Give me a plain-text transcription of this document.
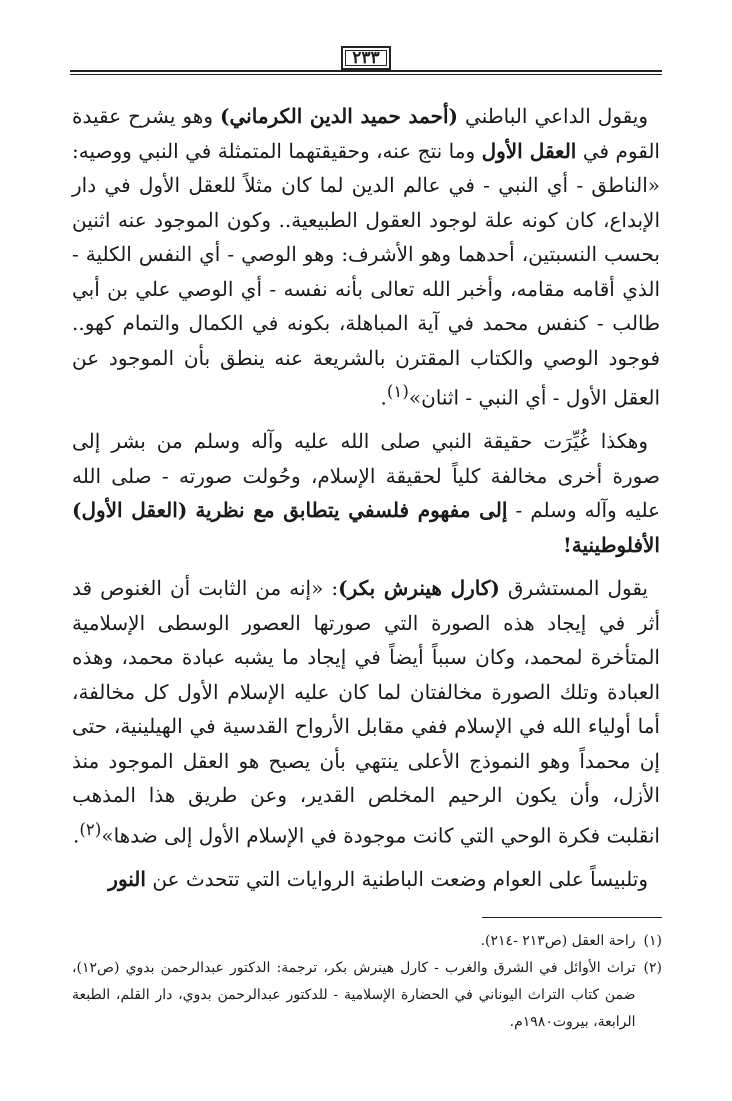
٢٣٣

ويقول الداعي الباطني (أحمد حميد الدين الكرماني) وهو يشرح عقيدة القوم في العقل الأول وما نتج عنه، وحقيقتهما المتمثلة في النبي ووصيه: «الناطق - أي النبي - في عالم الدين لما كان مثلاً للعقل الأول في دار الإبداع، كان كونه علة لوجود العقول الطبيعية.. وكون الموجود عنه اثنين بحسب النسبتين، أحدهما وهو الأشرف: وهو الوصي - أي النفس الكلية - الذي أقامه مقامه، وأخبر الله تعالى بأنه نفسه - أي الوصي علي بن أبي طالب - كنفس محمد في آية المباهلة، بكونه في الكمال والتمام كهو.. فوجود الوصي والكتاب المقترن بالشريعة عنه ينطق بأن الموجود عن العقل الأول - أي النبي - اثنان»$^{(١)}$.

وهكذا غُيِّرَت حقيقة النبي صلى الله عليه وآله وسلم من بشر إلى صورة أخرى مخالفة كلياً لحقيقة الإسلام، وحُولت صورته - صلى الله عليه وآله وسلم - إلى مفهوم فلسفي يتطابق مع نظرية (العقل الأول) الأفلوطينية!

يقول المستشرق (كارل هينرش بكر): «إنه من الثابت أن الغنوص قد أثر في إيجاد هذه الصورة التي صورتها العصور الوسطى الإسلامية المتأخرة لمحمد، وكان سبباً أيضاً في إيجاد ما يشبه عبادة محمد، وهذه العبادة وتلك الصورة مخالفتان لما كان عليه الإسلام الأول كل مخالفة، أما أولياء الله في الإسلام ففي مقابل الأرواح القدسية في الهيلينية، حتى إن محمداً وهو النموذج الأعلى ينتهي بأن يصبح هو العقل الموجود منذ الأزل، وأن يكون الرحيم المخلص القدير، وعن طريق هذا المذهب انقلبت فكرة الوحي التي كانت موجودة في الإسلام الأول إلى ضدها»$^{(٢)}$.

وتلبيساً على العوام وضعت الباطنية الروايات التي تتحدث عن النور

(١)
راحة العقل (ص٢١٣ -٢١٤).
(٢)
تراث الأوائل في الشرق والغرب - كارل هينرش بكر، ترجمة: الدكتور عبدالرحمن بدوي (ص١٢)، ضمن كتاب التراث اليوناني في الحضارة الإسلامية - للدكتور عبدالرحمن بدوي، دار القلم، الطبعة الرابعة، بيروت١٩٨٠م.
